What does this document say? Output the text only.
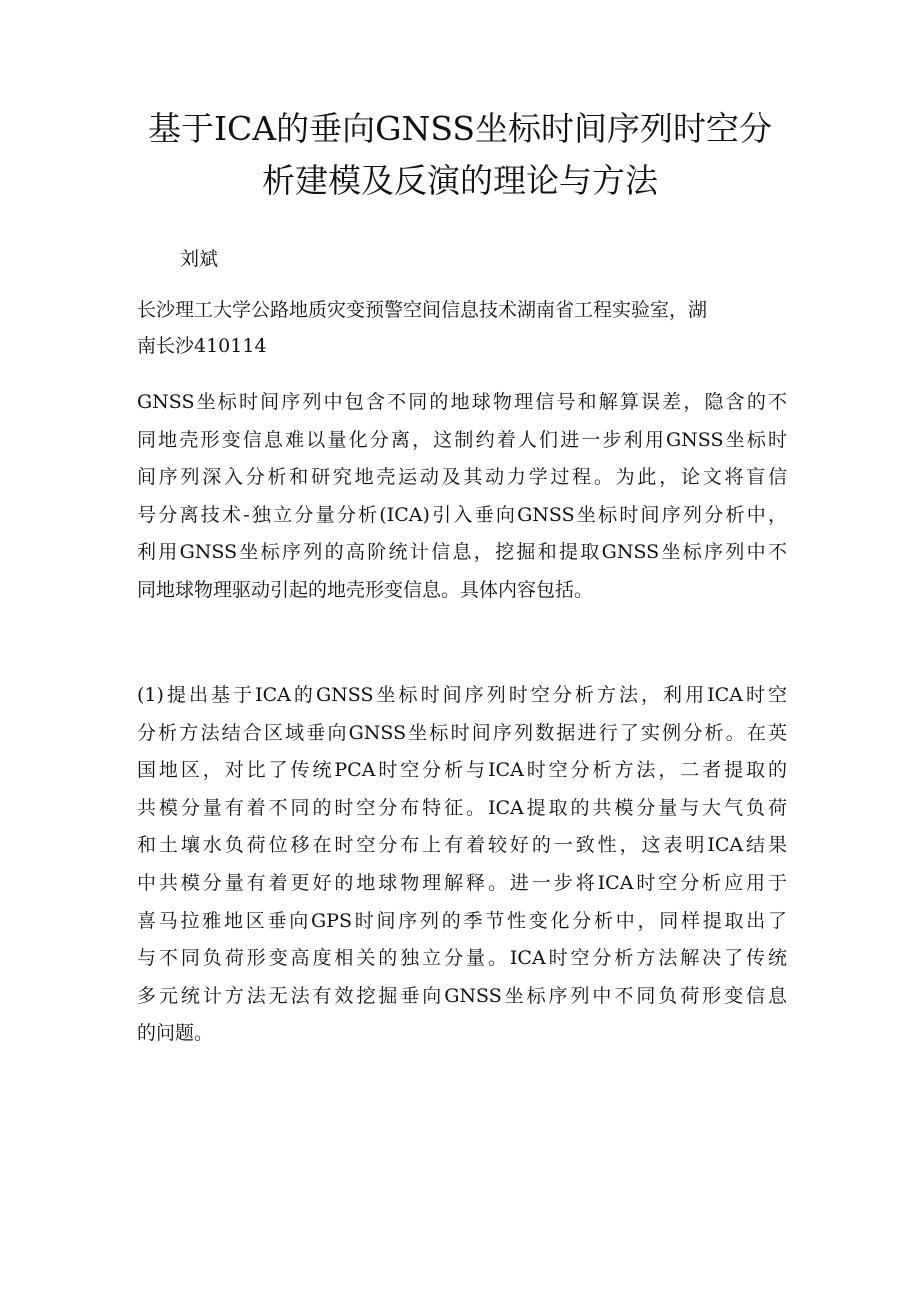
基于ICA的垂向GNSS坐标时间序列时空分
析建模及反演的理论与方法

刘斌

长沙理工大学公路地质灾变预警空间信息技术湖南省工程实验室，湖
南长沙410114

GNSS坐标时间序列中包含不同的地球物理信号和解算误差，隐含的不
同地壳形变信息难以量化分离，这制约着人们进一步利用GNSS坐标时
间序列深入分析和研究地壳运动及其动力学过程。为此，论文将盲信
号分离技术-独立分量分析(ICA)引入垂向GNSS坐标时间序列分析中，
利用GNSS坐标序列的高阶统计信息，挖掘和提取GNSS坐标序列中不
同地球物理驱动引起的地壳形变信息。具体内容包括。
(1)提出基于ICA的GNSS坐标时间序列时空分析方法，利用ICA时空
分析方法结合区域垂向GNSS坐标时间序列数据进行了实例分析。在英
国地区，对比了传统PCA时空分析与ICA时空分析方法，二者提取的
共模分量有着不同的时空分布特征。ICA提取的共模分量与大气负荷
和土壤水负荷位移在时空分布上有着较好的一致性，这表明ICA结果
中共模分量有着更好的地球物理解释。进一步将ICA时空分析应用于
喜马拉雅地区垂向GPS时间序列的季节性变化分析中，同样提取出了
与不同负荷形变高度相关的独立分量。ICA时空分析方法解决了传统
多元统计方法无法有效挖掘垂向GNSS坐标序列中不同负荷形变信息
的问题。
